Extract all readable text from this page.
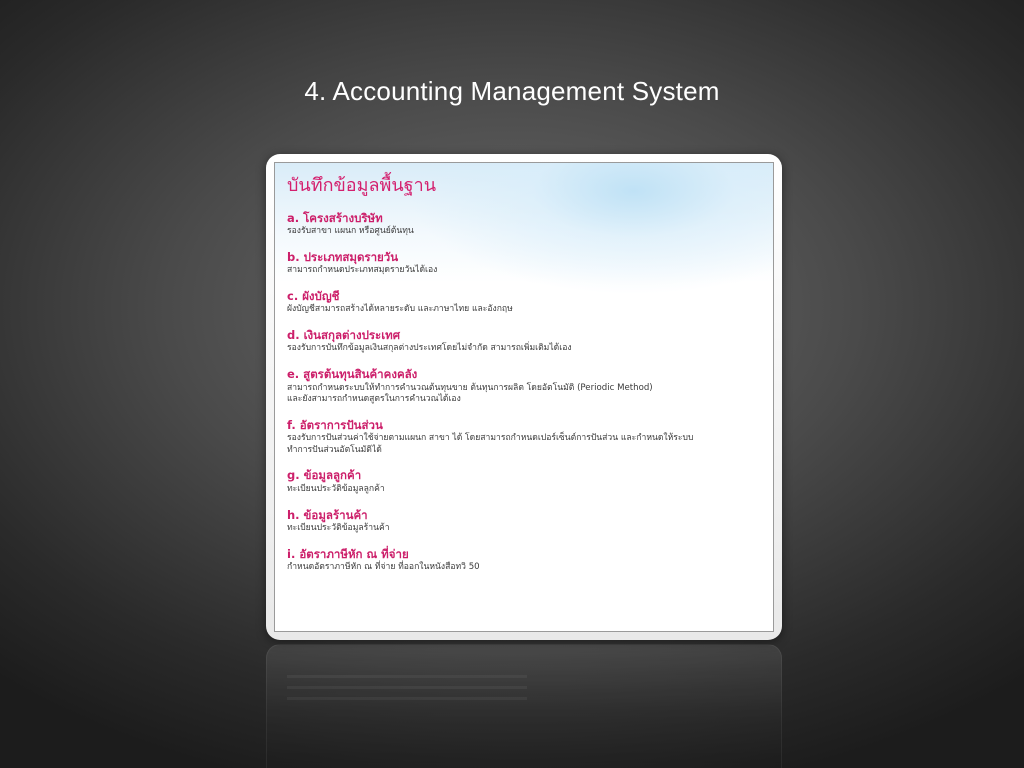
4. Accounting Management System
บันทึกข้อมูลพื้นฐาน
a. โครงสร้างบริษัท
รองรับสาขา แผนก หรือศูนย์ต้นทุน
b. ประเภทสมุดรายวัน
สามารถกำหนดประเภทสมุดรายวันได้เอง
c. ผังบัญชี
ผังบัญชีสามารถสร้างได้หลายระดับ และภาษาไทย และอังกฤษ
d. เงินสกุลต่างประเทศ
รองรับการบันทึกข้อมูลเงินสกุลต่างประเทศโดยไม่จำกัด สามารถเพิ่มเติมได้เอง
e. สูตรต้นทุนสินค้าคงคลัง
สามารถกำหนดระบบให้ทำการคำนวณต้นทุนขาย ต้นทุนการผลิต โดยอัตโนมัติ (Periodic Method)
และยังสามารถกำหนดสูตรในการคำนวณได้เอง
f. อัตราการปันส่วน
รองรับการปันส่วนค่าใช้จ่ายตามแผนก สาขา ได้ โดยสามารถกำหนดเปอร์เซ็นต์การปันส่วน และกำหนดให้ระบบ
ทำการปันส่วนอัตโนมัติได้
g. ข้อมูลลูกค้า
ทะเบียนประวัติข้อมูลลูกค้า
h. ข้อมูลร้านค้า
ทะเบียนประวัติข้อมูลร้านค้า
i. อัตราภาษีหัก ณ ที่จ่าย
กำหนดอัตราภาษีหัก ณ ที่จ่าย ที่ออกในหนังสือทวิ 50
